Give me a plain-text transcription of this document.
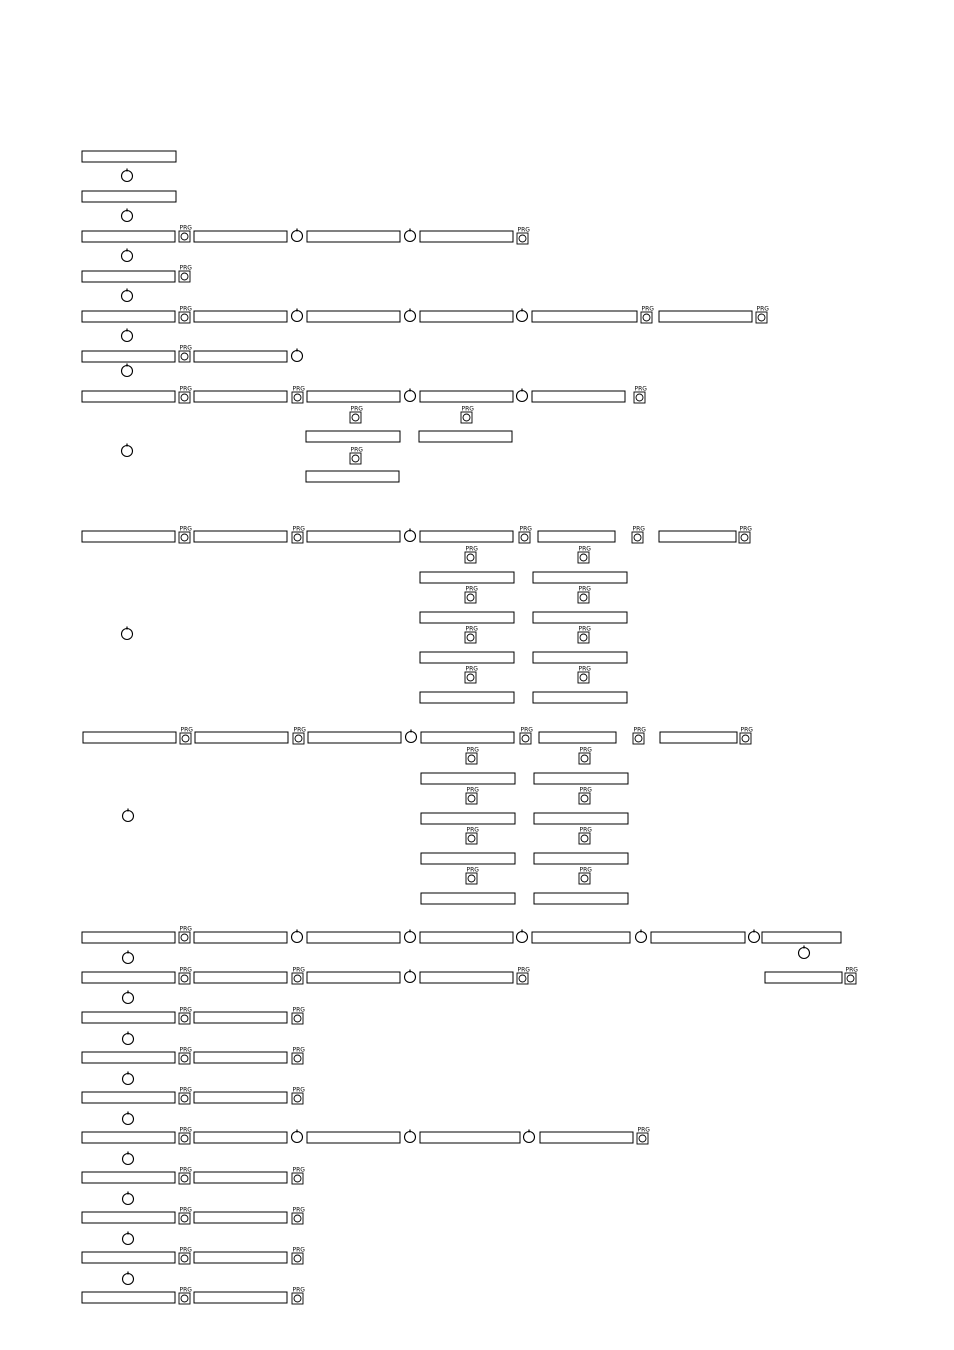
PRG	PRG
PRG
PRG	PRG	PRG
PRG
PRG	PRG	PRG
PRG	PRG
PRG
PRG	PRG	PRG	PRG	PRG
PRG	PRG
PRG	PRG
PRG	PRG
PRG	PRG
PRG	PRG	PRG	PRG	PRG
PRG	PRG
PRG	PRG
PRG	PRG
PRG	PRG
PRG
PRG	PRG	PRG	PRG
PRG	PRG
PRG	PRG
PRG	PRG
PRG	PRG
PRG	PRG
PRG	PRG
PRG	PRG
PRG	PRG
